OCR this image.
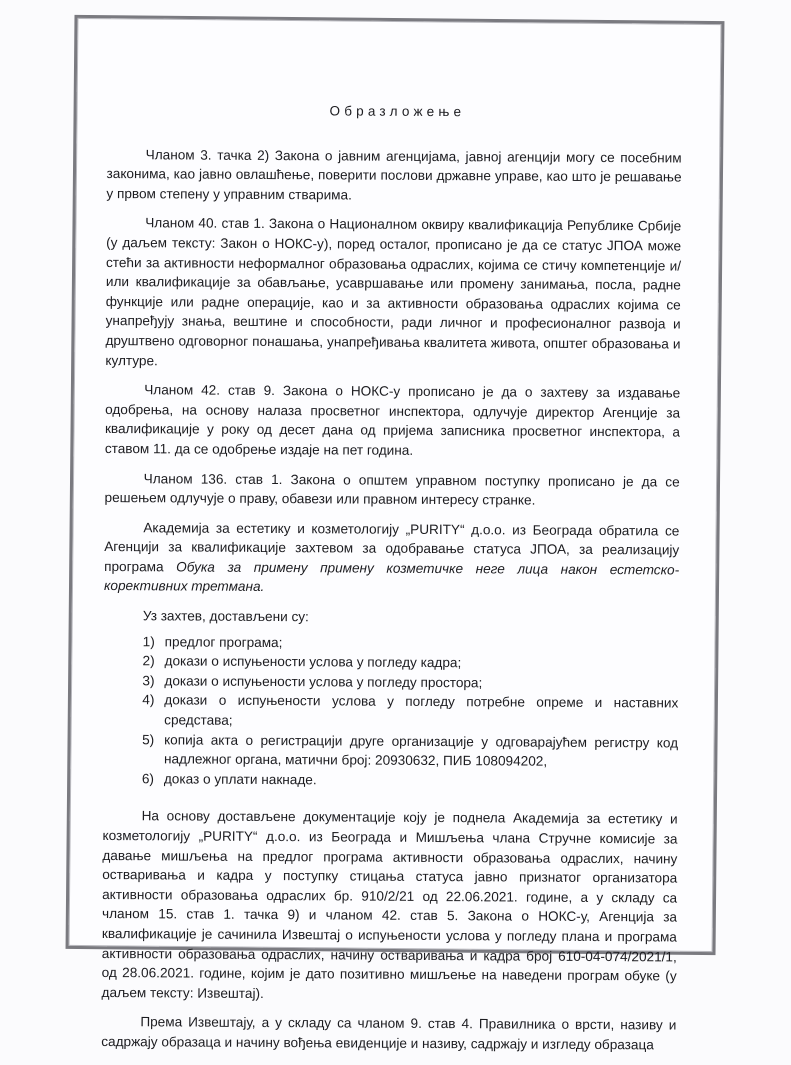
Образложење

Чланом 3. тачка 2) Закона о јавним агенцијама, јавној агенцији могу се посебним законима, као јавно овлашћење, поверити послови државне управе, као што је решавање у првом степену у управним стварима.

Чланом 40. став 1. Закона о Националном оквиру квалификација Републике Србије (у даљем тексту: Закон о НОКС-у), поред осталог, прописано је да се статус ЈПОА може стећи за активности неформалног образовања одраслих, којима се стичу компетенције и/или квалификације за обављање, усавршавање или промену занимања, посла, радне функције или радне операције, као и за активности образовања одраслих којима се унапређују знања, вештине и способности, ради личног и професионалног развоја и друштвено одговорног понашања, унапређивања квалитета живота, општег образовања и културе.

Чланом 42. став 9. Закона о НОКС-у прописано је да о захтеву за издавање одобрења, на основу налаза просветног инспектора, одлучује директор Агенције за квалификације у року од десет дана од пријема записника просветног инспектора, а ставом 11. да се одобрење издаје на пет година.

Чланом 136. став 1. Закона о општем управном поступку прописано је да се решењем одлучује о праву, обавези или правном интересу странке.

Академија за естетику и козметологију „PURITY“ д.о.о. из Београда обратила се Агенцији за квалификације захтевом за одобравање статуса ЈПОА, за реализацију програма Обука за примену примену козметичке неге лица након естетско-корективних третмана.

Уз захтев, достављени су:

1) предлог програма;
2) докази о испуњености услова у погледу кадра;
3) докази о испуњености услова у погледу простора;
4) докази о испуњености услова у погледу потребне опреме и наставних средстава;
5) копија акта о регистрацији друге организације у одговарајућем регистру код надлежног органа, матични број: 20930632, ПИБ 108094202,
6) доказ о уплати накнаде.

На основу достављене документације коју је поднела Академија за естетику и козметологију „PURITY“ д.о.о. из Београда и Мишљења члана Стручне комисије за давање мишљења на предлог програма активности образовања одраслих, начину остваривања и кадра у поступку стицања статуса јавно признатог организатора активности образовања одраслих бр. 910/2/21 од 22.06.2021. године, а у складу са чланом 15. став 1. тачка 9) и чланом 42. став 5. Закона о НОКС-у, Агенција за квалификације је сачинила Извештај о испуњености услова у погледу плана и програма активности образовања одраслих, начину остваривања и кадра број 610-04-074/2021/1, од 28.06.2021. године, којим је дато позитивно мишљење на наведени програм обуке (у даљем тексту: Извештај).

Према Извештају, а у складу са чланом 9. став 4. Правилника о врсти, називу и садржају образаца и начину вођења евиденције и називу, садржају и изгледу образаца
